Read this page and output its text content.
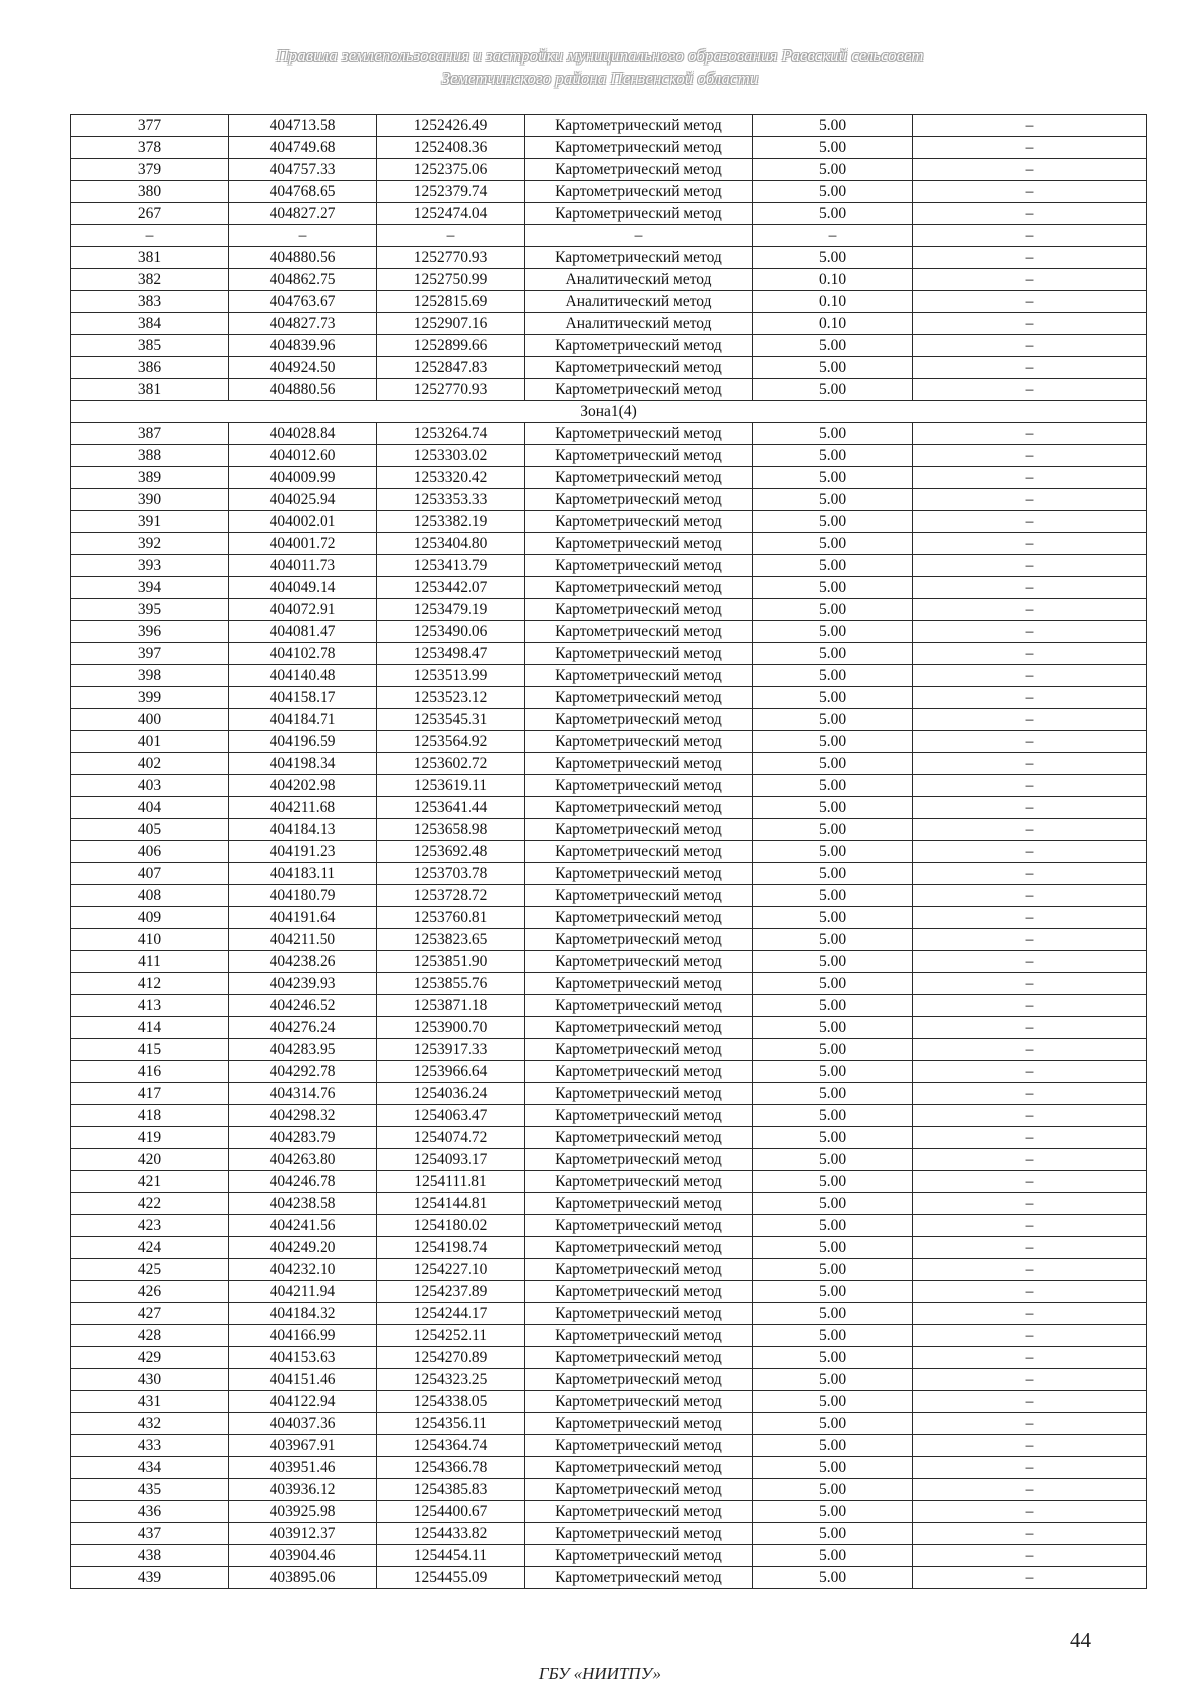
Правила землепользования и застройки муниципального образования Раевский сельсовет
Земетчинского района Пензенской области
377	404713.58	1252426.49	Картометрический метод	5.00	–
378	404749.68	1252408.36	Картометрический метод	5.00	–
379	404757.33	1252375.06	Картометрический метод	5.00	–
380	404768.65	1252379.74	Картометрический метод	5.00	–
267	404827.27	1252474.04	Картометрический метод	5.00	–
–	–	–	–	–	–
381	404880.56	1252770.93	Картометрический метод	5.00	–
382	404862.75	1252750.99	Аналитический метод	0.10	–
383	404763.67	1252815.69	Аналитический метод	0.10	–
384	404827.73	1252907.16	Аналитический метод	0.10	–
385	404839.96	1252899.66	Картометрический метод	5.00	–
386	404924.50	1252847.83	Картометрический метод	5.00	–
381	404880.56	1252770.93	Картометрический метод	5.00	–
Зона1(4)					
387	404028.84	1253264.74	Картометрический метод	5.00	–
388	404012.60	1253303.02	Картометрический метод	5.00	–
389	404009.99	1253320.42	Картометрический метод	5.00	–
390	404025.94	1253353.33	Картометрический метод	5.00	–
391	404002.01	1253382.19	Картометрический метод	5.00	–
392	404001.72	1253404.80	Картометрический метод	5.00	–
393	404011.73	1253413.79	Картометрический метод	5.00	–
394	404049.14	1253442.07	Картометрический метод	5.00	–
395	404072.91	1253479.19	Картометрический метод	5.00	–
396	404081.47	1253490.06	Картометрический метод	5.00	–
397	404102.78	1253498.47	Картометрический метод	5.00	–
398	404140.48	1253513.99	Картометрический метод	5.00	–
399	404158.17	1253523.12	Картометрический метод	5.00	–
400	404184.71	1253545.31	Картометрический метод	5.00	–
401	404196.59	1253564.92	Картометрический метод	5.00	–
402	404198.34	1253602.72	Картометрический метод	5.00	–
403	404202.98	1253619.11	Картометрический метод	5.00	–
404	404211.68	1253641.44	Картометрический метод	5.00	–
405	404184.13	1253658.98	Картометрический метод	5.00	–
406	404191.23	1253692.48	Картометрический метод	5.00	–
407	404183.11	1253703.78	Картометрический метод	5.00	–
408	404180.79	1253728.72	Картометрический метод	5.00	–
409	404191.64	1253760.81	Картометрический метод	5.00	–
410	404211.50	1253823.65	Картометрический метод	5.00	–
411	404238.26	1253851.90	Картометрический метод	5.00	–
412	404239.93	1253855.76	Картометрический метод	5.00	–
413	404246.52	1253871.18	Картометрический метод	5.00	–
414	404276.24	1253900.70	Картометрический метод	5.00	–
415	404283.95	1253917.33	Картометрический метод	5.00	–
416	404292.78	1253966.64	Картометрический метод	5.00	–
417	404314.76	1254036.24	Картометрический метод	5.00	–
418	404298.32	1254063.47	Картометрический метод	5.00	–
419	404283.79	1254074.72	Картометрический метод	5.00	–
420	404263.80	1254093.17	Картометрический метод	5.00	–
421	404246.78	1254111.81	Картометрический метод	5.00	–
422	404238.58	1254144.81	Картометрический метод	5.00	–
423	404241.56	1254180.02	Картометрический метод	5.00	–
424	404249.20	1254198.74	Картометрический метод	5.00	–
425	404232.10	1254227.10	Картометрический метод	5.00	–
426	404211.94	1254237.89	Картометрический метод	5.00	–
427	404184.32	1254244.17	Картометрический метод	5.00	–
428	404166.99	1254252.11	Картометрический метод	5.00	–
429	404153.63	1254270.89	Картометрический метод	5.00	–
430	404151.46	1254323.25	Картометрический метод	5.00	–
431	404122.94	1254338.05	Картометрический метод	5.00	–
432	404037.36	1254356.11	Картометрический метод	5.00	–
433	403967.91	1254364.74	Картометрический метод	5.00	–
434	403951.46	1254366.78	Картометрический метод	5.00	–
435	403936.12	1254385.83	Картометрический метод	5.00	–
436	403925.98	1254400.67	Картометрический метод	5.00	–
437	403912.37	1254433.82	Картометрический метод	5.00	–
438	403904.46	1254454.11	Картометрический метод	5.00	–
439	403895.06	1254455.09	Картометрический метод	5.00	–
44
ГБУ «НИИТПУ»
